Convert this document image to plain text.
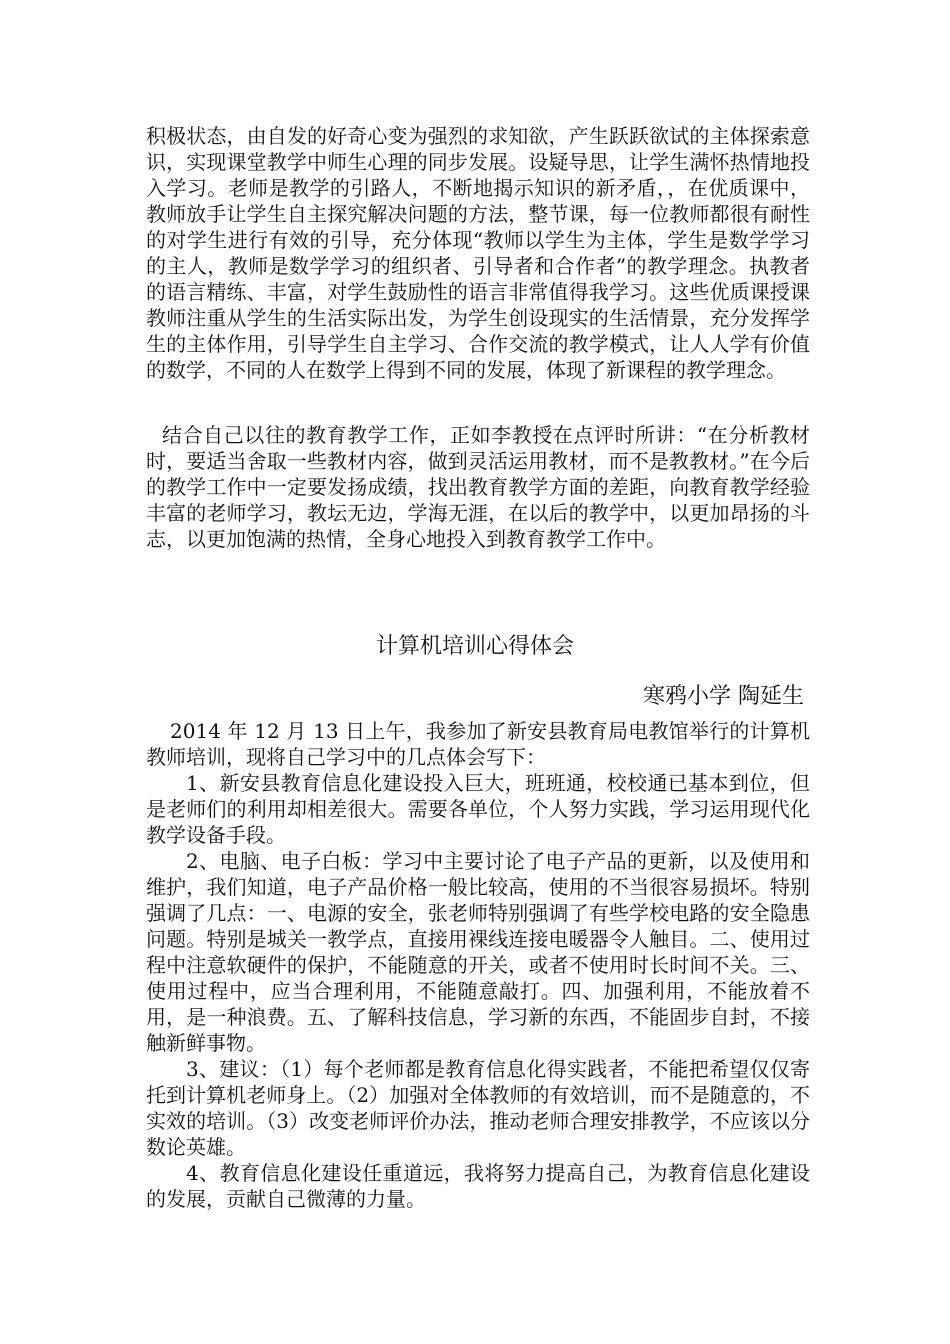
积极状态，由自发的好奇心变为强烈的求知欲，产生跃跃欲试的主体探索意识，实现课堂教学中师生心理的同步发展。设疑导思，让学生满怀热情地投入学习。老师是教学的引路人，不断地揭示知识的新矛盾，，在优质课中，教师放手让学生自主探究解决问题的方法，整节课，每一位教师都很有耐性的对学生进行有效的引导，充分体现“教师以学生为主体，学生是数学学习的主人，教师是数学学习的组织者、引导者和合作者”的教学理念。执教者的语言精练、丰富，对学生鼓励性的语言非常值得我学习。这些优质课授课教师注重从学生的生活实际出发，为学生创设现实的生活情景，充分发挥学生的主体作用，引导学生自主学习、合作交流的教学模式，让人人学有价值的数学，不同的人在数学上得到不同的发展，体现了新课程的教学理念。
结合自己以往的教育教学工作，正如李教授在点评时所讲：“在分析教材时，要适当舍取一些教材内容，做到灵活运用教材，而不是教教材。”在今后的教学工作中一定要发扬成绩，找出教育教学方面的差距，向教育教学经验丰富的老师学习，教坛无边，学海无涯，在以后的教学中，以更加昂扬的斗志，以更加饱满的热情，全身心地投入到教育教学工作中。
计算机培训心得体会
寒鸦小学 陶延生

2014 年 12 月 13 日上午，我参加了新安县教育局电教馆举行的计算机教师培训，现将自己学习中的几点体会写下：

1、新安县教育信息化建设投入巨大，班班通，校校通已基本到位，但是老师们的利用却相差很大。需要各单位，个人努力实践，学习运用现代化教学设备手段。

2、电脑、电子白板：学习中主要讨论了电子产品的更新，以及使用和维护，我们知道，电子产品价格一般比较高，使用的不当很容易损坏。特别强调了几点：一、电源的安全，张老师特别强调了有些学校电路的安全隐患问题。特别是城关一教学点，直接用裸线连接电暖器令人触目。二、使用过程中注意软硬件的保护，不能随意的开关，或者不使用时长时间不关。三、使用过程中，应当合理利用，不能随意敲打。四、加强利用，不能放着不用，是一种浪费。五、了解科技信息，学习新的东西，不能固步自封，不接触新鲜事物。

3、建议：（1）每个老师都是教育信息化得实践者，不能把希望仅仅寄托到计算机老师身上。（2）加强对全体教师的有效培训，而不是随意的，不实效的培训。（3）改变老师评价办法，推动老师合理安排教学，不应该以分数论英雄。

4、教育信息化建设任重道远，我将努力提高自己，为教育信息化建设的发展，贡献自己微薄的力量。
